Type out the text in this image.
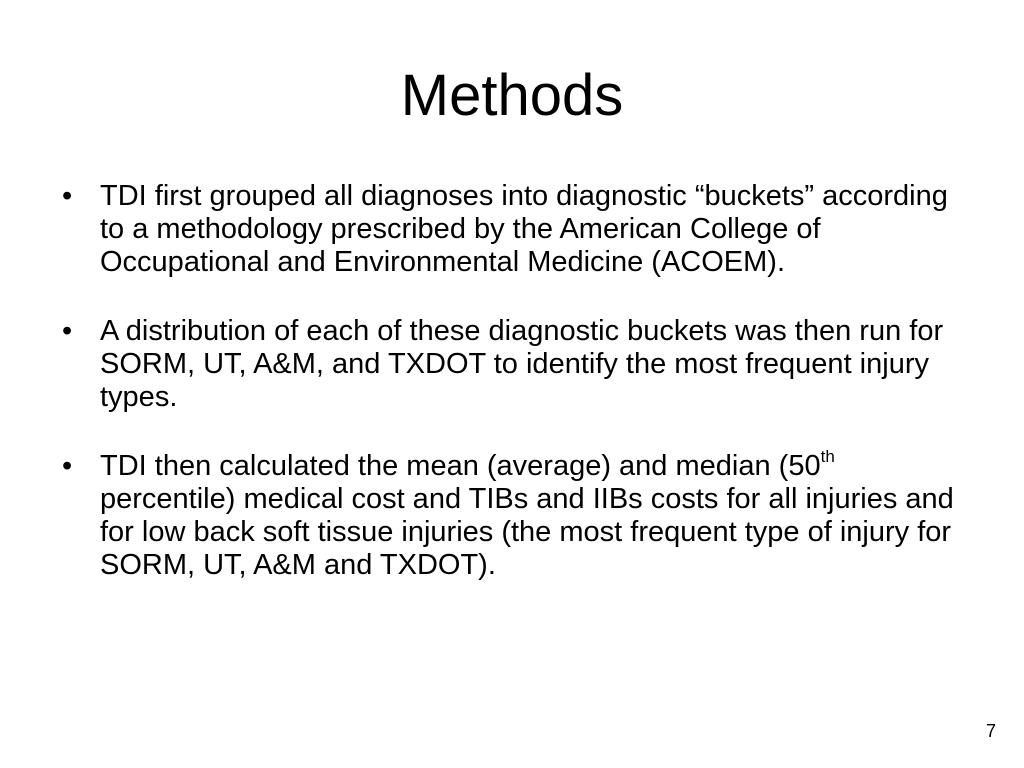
Methods
• TDI first grouped all diagnoses into diagnostic “buckets” according to a methodology prescribed by the American College of Occupational and Environmental Medicine (ACOEM).
• A distribution of each of these diagnostic buckets was then run for SORM, UT, A&M, and TXDOT to identify the most frequent injury types.
• TDI then calculated the mean (average) and median (50th percentile) medical cost and TIBs and IIBs costs for all injuries and for low back soft tissue injuries (the most frequent type of injury for SORM, UT, A&M and TXDOT).
7
